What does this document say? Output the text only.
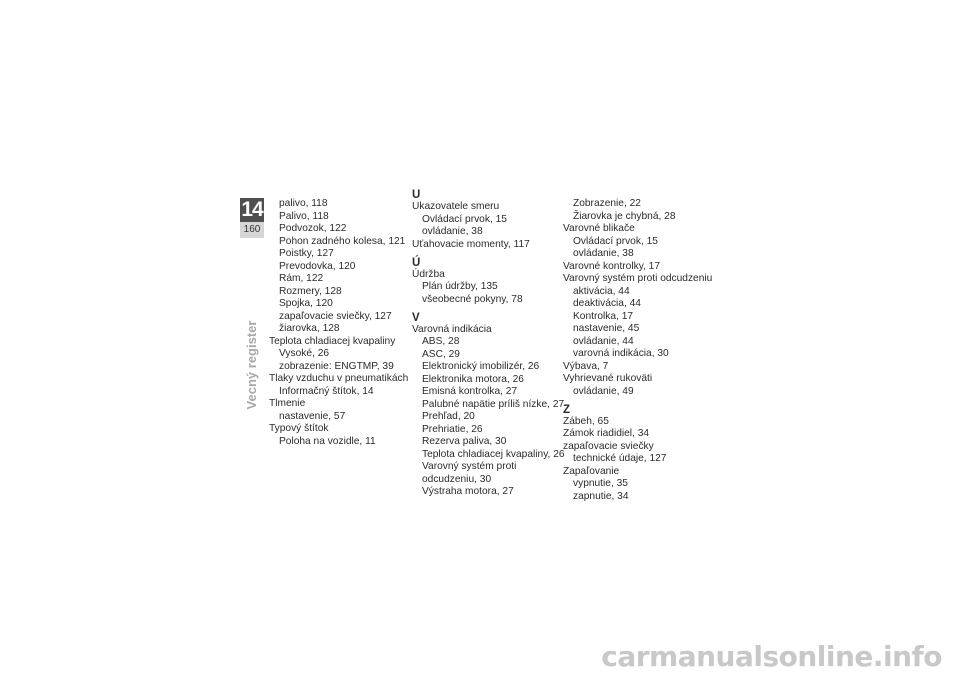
14
160
Vecný register
palivo, 118
Palivo, 118
Podvozok, 122
Pohon zadného kolesa, 121
Poistky, 127
Prevodovka, 120
Rám, 122
Rozmery, 128
Spojka, 120
zapaľovacie sviečky, 127
žiarovka, 128
Teplota chladiacej kvapaliny
Vysoké, 26
zobrazenie: ENGTMP, 39
Tlaky vzduchu v pneumatikách
Informačný štítok, 14
Tlmenie
nastavenie, 57
Typový štítok
Poloha na vozidle, 11
U
Ukazovatele smeru
Ovládací prvok, 15
ovládanie, 38
Uťahovacie momenty, 117
Ú
Údržba
Plán údržby, 135
všeobecné pokyny, 78
V
Varovná indikácia
ABS, 28
ASC, 29
Elektronický imobilizér, 26
Elektronika motora, 26
Emisná kontrolka, 27
Palubné napätie príliš nízke, 27
Prehľad, 20
Prehriatie, 26
Rezerva paliva, 30
Teplota chladiacej kvapaliny, 26
Varovný systém proti
odcudzeniu, 30
Výstraha motora, 27
Zobrazenie, 22
Žiarovka je chybná, 28
Varovné blikače
Ovládací prvok, 15
ovládanie, 38
Varovné kontrolky, 17
Varovný systém proti odcudzeniu
aktivácia, 44
deaktivácia, 44
Kontrolka, 17
nastavenie, 45
ovládanie, 44
varovná indikácia, 30
Výbava, 7
Vyhrievané rukoväti
ovládanie, 49
Z
Zábeh, 65
Zámok riadidiel, 34
zapaľovacie sviečky
technické údaje, 127
Zapaľovanie
vypnutie, 35
zapnutie, 34
carmanualsonline.info
